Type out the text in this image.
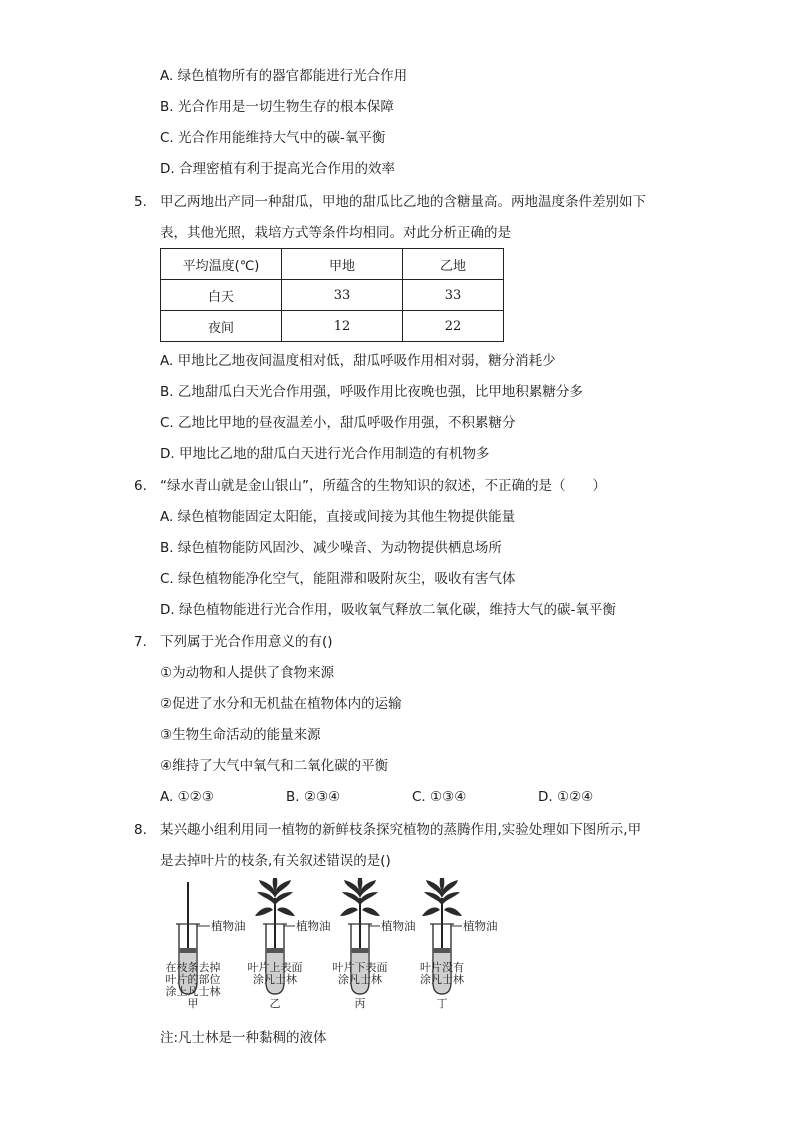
A. 绿色植物所有的器官都能进行光合作用
B. 光合作用是一切生物生存的根本保障
C. 光合作用能维持大气中的碳-氧平衡
D. 合理密植有利于提高光合作用的效率
5. 甲乙两地出产同一种甜瓜，甲地的甜瓜比乙地的含糖量高。两地温度条件差别如下
表，其他光照，栽培方式等条件均相同。对此分析正确的是
平均温度(℃)	甲地	乙地
白天	33	33
夜间	12	22
A. 甲地比乙地夜间温度相对低，甜瓜呼吸作用相对弱，糖分消耗少
B. 乙地甜瓜白天光合作用强，呼吸作用比夜晚也强，比甲地积累糖分多
C. 乙地比甲地的昼夜温差小，甜瓜呼吸作用强，不积累糖分
D. 甲地比乙地的甜瓜白天进行光合作用制造的有机物多
6. “绿水青山就是金山银山”，所蕴含的生物知识的叙述，不正确的是（　　）
A. 绿色植物能固定太阳能，直接或间接为其他生物提供能量
B. 绿色植物能防风固沙、减少噪音、为动物提供栖息场所
C. 绿色植物能净化空气，能阻滞和吸附灰尘，吸收有害气体
D. 绿色植物能进行光合作用，吸收氧气释放二氧化碳，维持大气的碳-氧平衡
7. 下列属于光合作用意义的有()
①为动物和人提供了食物来源
②促进了水分和无机盐在植物体内的运输
③生物生命活动的能量来源
④维持了大气中氧气和二氧化碳的平衡
A. ①②③	B. ②③④	C. ①③④	D. ①②④
8. 某兴趣小组利用同一植物的新鲜枝条探究植物的蒸腾作用,实验处理如下图所示,甲
是去掉叶片的枝条,有关叙述错误的是()
植物油	植物油	植物油	植物油
在枝条去掉
叶片的部位
涂上凡士林
甲
叶片上表面
涂凡士林
乙
叶片下表面
涂凡士林
丙
叶片没有
涂凡士林
丁
注:凡士林是一种黏稠的液体
